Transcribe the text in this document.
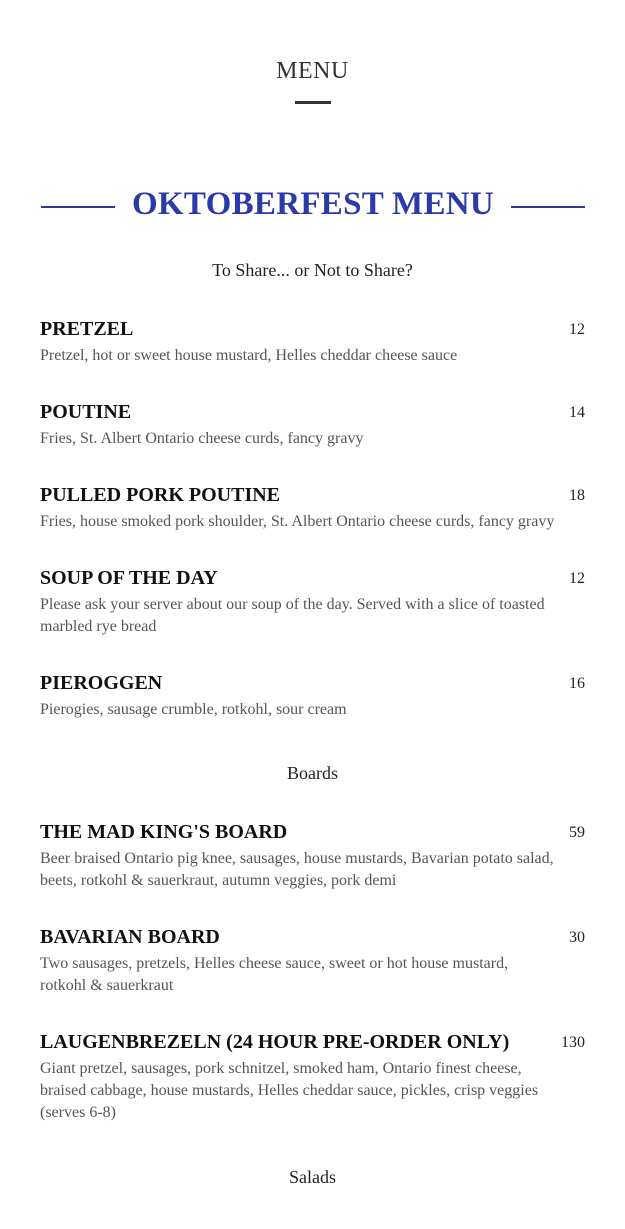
MENU
OKTOBERFEST MENU
To Share... or Not to Share?
PRETZEL	12
Pretzel, hot or sweet house mustard, Helles cheddar cheese sauce
POUTINE	14
Fries, St. Albert Ontario cheese curds, fancy gravy
PULLED PORK POUTINE	18
Fries, house smoked pork shoulder, St. Albert Ontario cheese curds, fancy gravy
SOUP OF THE DAY	12
Please ask your server about our soup of the day. Served with a slice of toasted marbled rye bread
PIEROGGEN	16
Pierogies, sausage crumble, rotkohl, sour cream
Boards
THE MAD KING'S BOARD	59
Beer braised Ontario pig knee, sausages, house mustards, Bavarian potato salad, beets, rotkohl & sauerkraut, autumn veggies, pork demi
BAVARIAN BOARD	30
Two sausages, pretzels, Helles cheese sauce, sweet or hot house mustard, rotkohl & sauerkraut
LAUGENBREZELN (24 HOUR PRE-ORDER ONLY)	130
Giant pretzel, sausages, pork schnitzel, smoked ham, Ontario finest cheese, braised cabbage, house mustards, Helles cheddar sauce, pickles, crisp veggies (serves 6-8)
Salads
